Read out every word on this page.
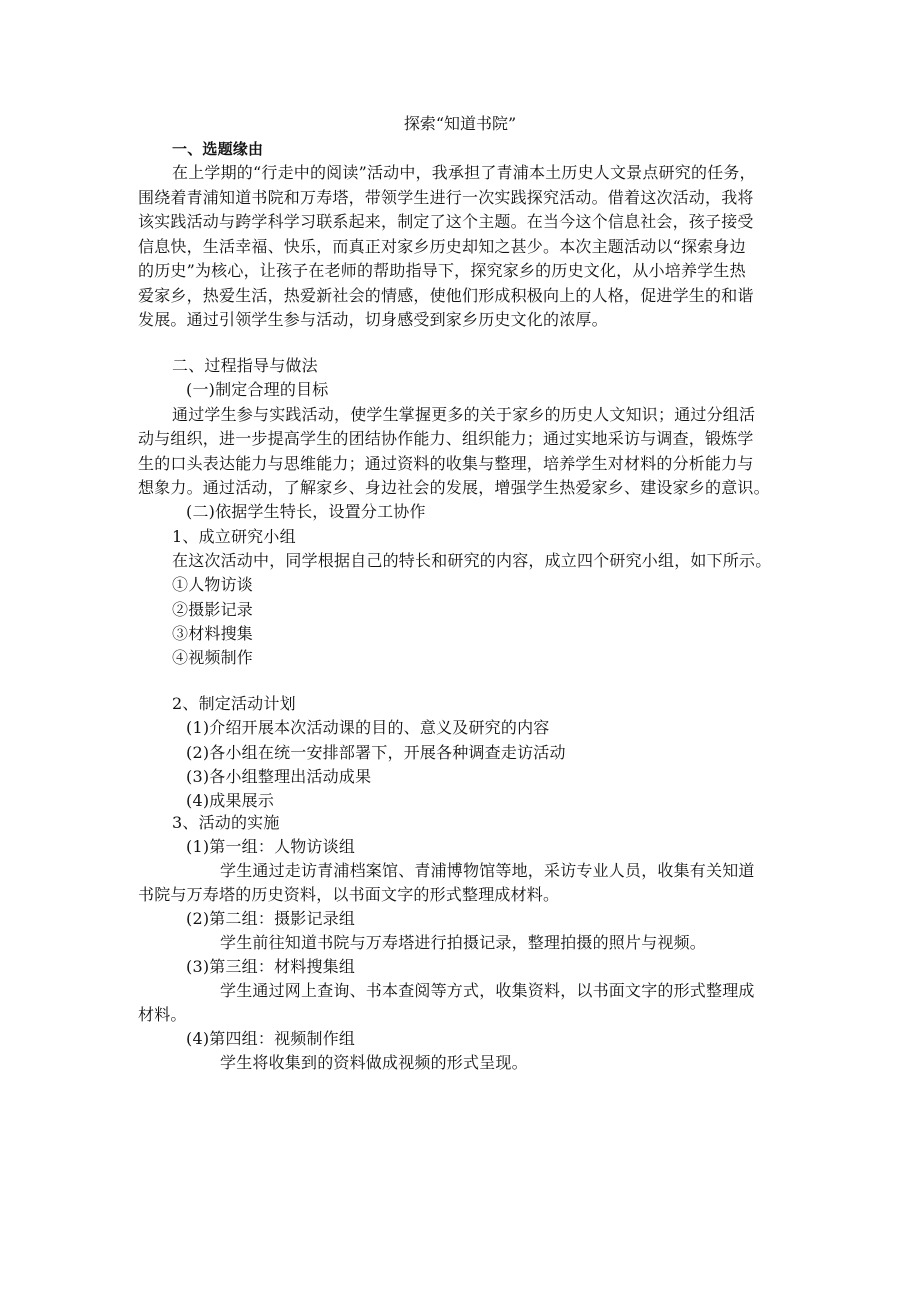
探索“知道书院”
一、选题缘由
在上学期的“行走中的阅读”活动中，我承担了青浦本土历史人文景点研究的任务，
围绕着青浦知道书院和万寿塔，带领学生进行一次实践探究活动。借着这次活动，我将
该实践活动与跨学科学习联系起来，制定了这个主题。在当今这个信息社会，孩子接受
信息快，生活幸福、快乐，而真正对家乡历史却知之甚少。本次主题活动以“探索身边
的历史”为核心，让孩子在老师的帮助指导下，探究家乡的历史文化，从小培养学生热
爱家乡，热爱生活，热爱新社会的情感，使他们形成积极向上的人格，促进学生的和谐
发展。通过引领学生参与活动，切身感受到家乡历史文化的浓厚。
二、过程指导与做法
(一)制定合理的目标
通过学生参与实践活动，使学生掌握更多的关于家乡的历史人文知识；通过分组活
动与组织，进一步提高学生的团结协作能力、组织能力；通过实地采访与调查，锻炼学
生的口头表达能力与思维能力；通过资料的收集与整理，培养学生对材料的分析能力与
想象力。通过活动，了解家乡、身边社会的发展，增强学生热爱家乡、建设家乡的意识。
(二)依据学生特长，设置分工协作
1、成立研究小组
在这次活动中，同学根据自己的特长和研究的内容，成立四个研究小组，如下所示。
①人物访谈
②摄影记录
③材料搜集
④视频制作
2、制定活动计划
(1)介绍开展本次活动课的目的、意义及研究的内容
(2)各小组在统一安排部署下，开展各种调查走访活动
(3)各小组整理出活动成果
(4)成果展示
3、活动的实施
(1)第一组：人物访谈组
学生通过走访青浦档案馆、青浦博物馆等地，采访专业人员，收集有关知道
书院与万寿塔的历史资料，以书面文字的形式整理成材料。
(2)第二组：摄影记录组
学生前往知道书院与万寿塔进行拍摄记录，整理拍摄的照片与视频。
(3)第三组：材料搜集组
学生通过网上查询、书本查阅等方式，收集资料，以书面文字的形式整理成
材料。
(4)第四组：视频制作组
学生将收集到的资料做成视频的形式呈现。
